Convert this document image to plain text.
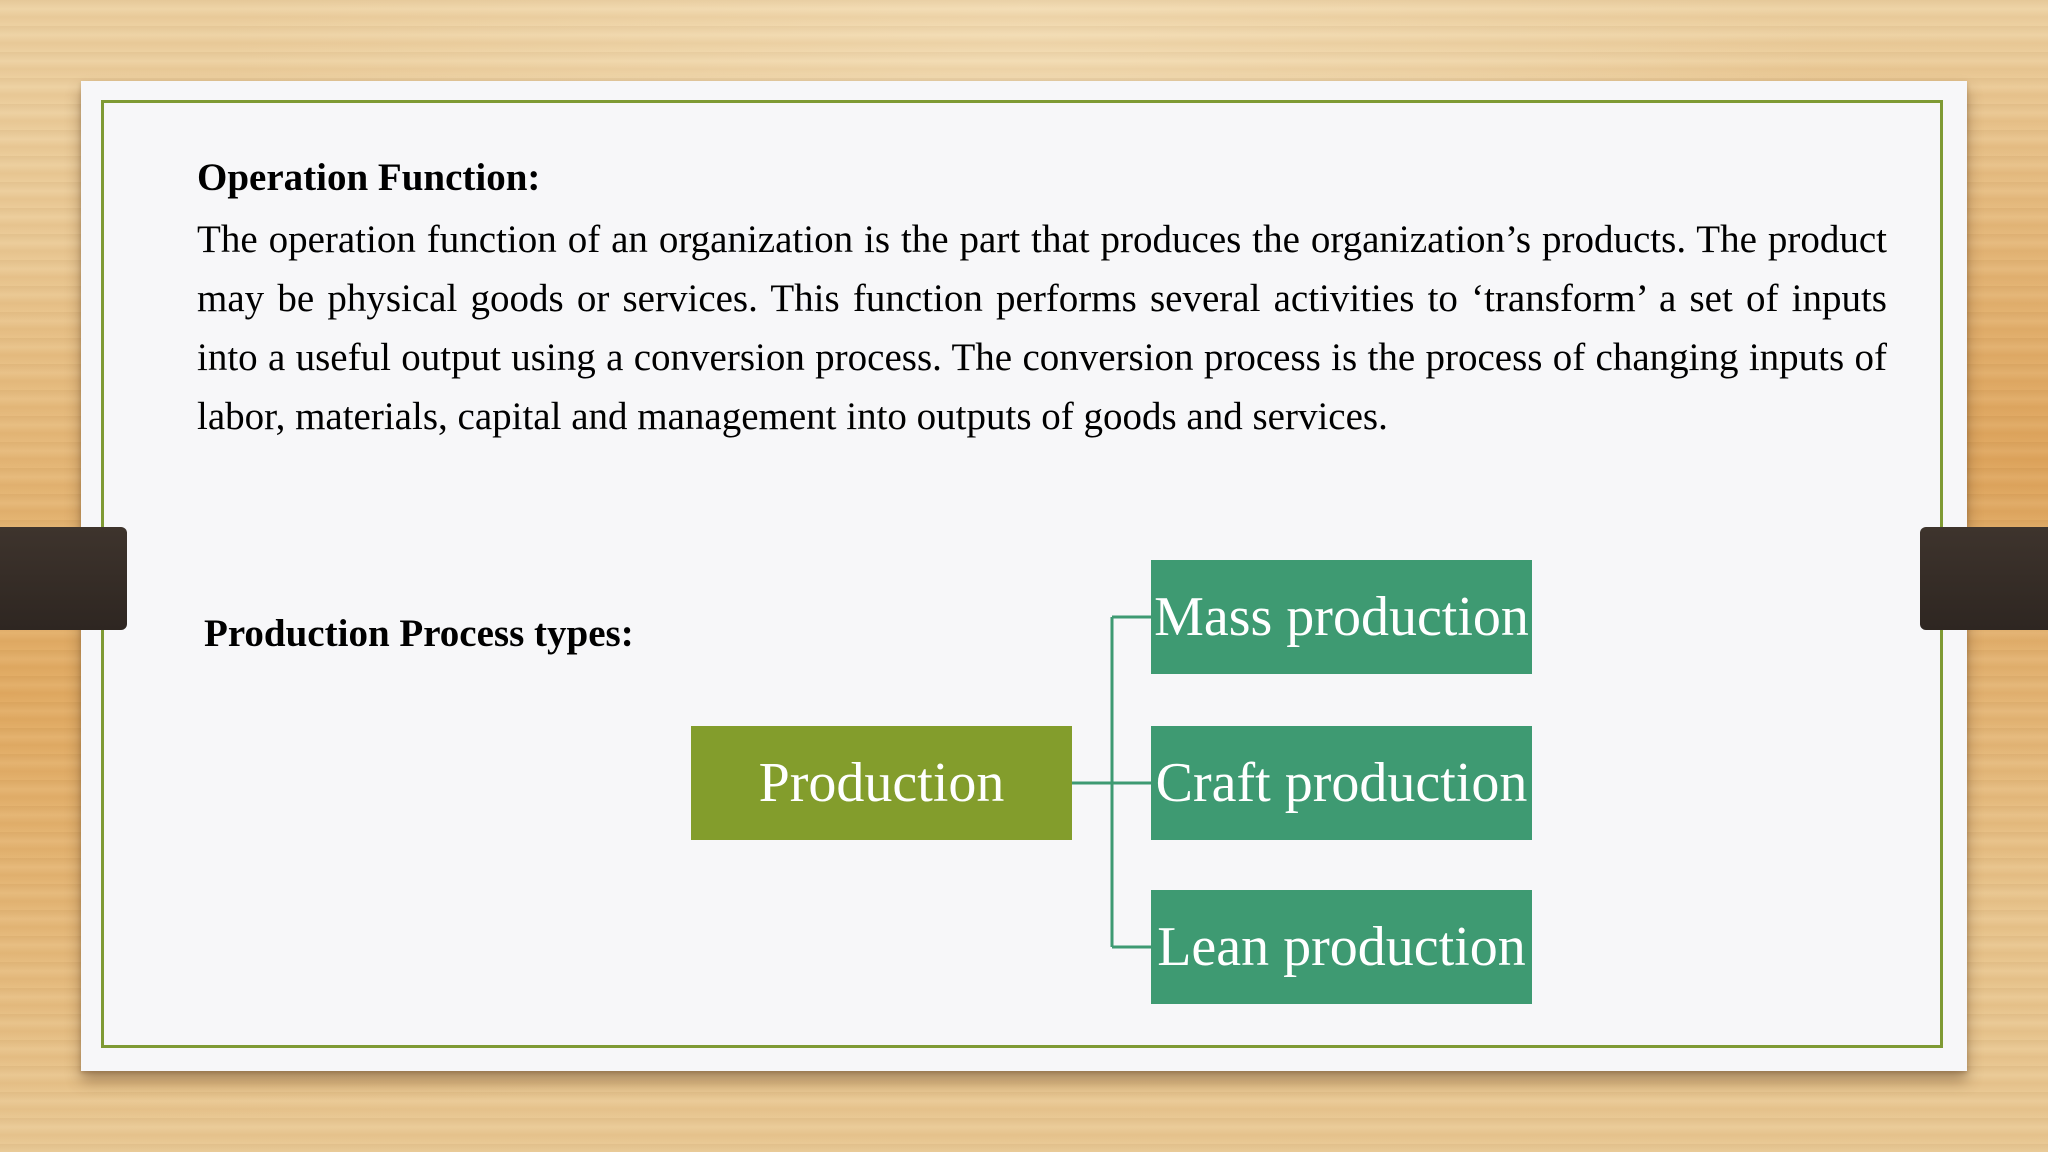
Operation Function:

The operation function of an organization is the part that produces the organization’s products. The product may be physical goods or services. This function performs several activities to ‘transform’ a set of inputs into a useful output using a conversion process. The conversion process is the process of changing inputs of labor, materials, capital and management into outputs of goods and services.

Production Process types:
Production
Mass production
Craft production
Lean production
